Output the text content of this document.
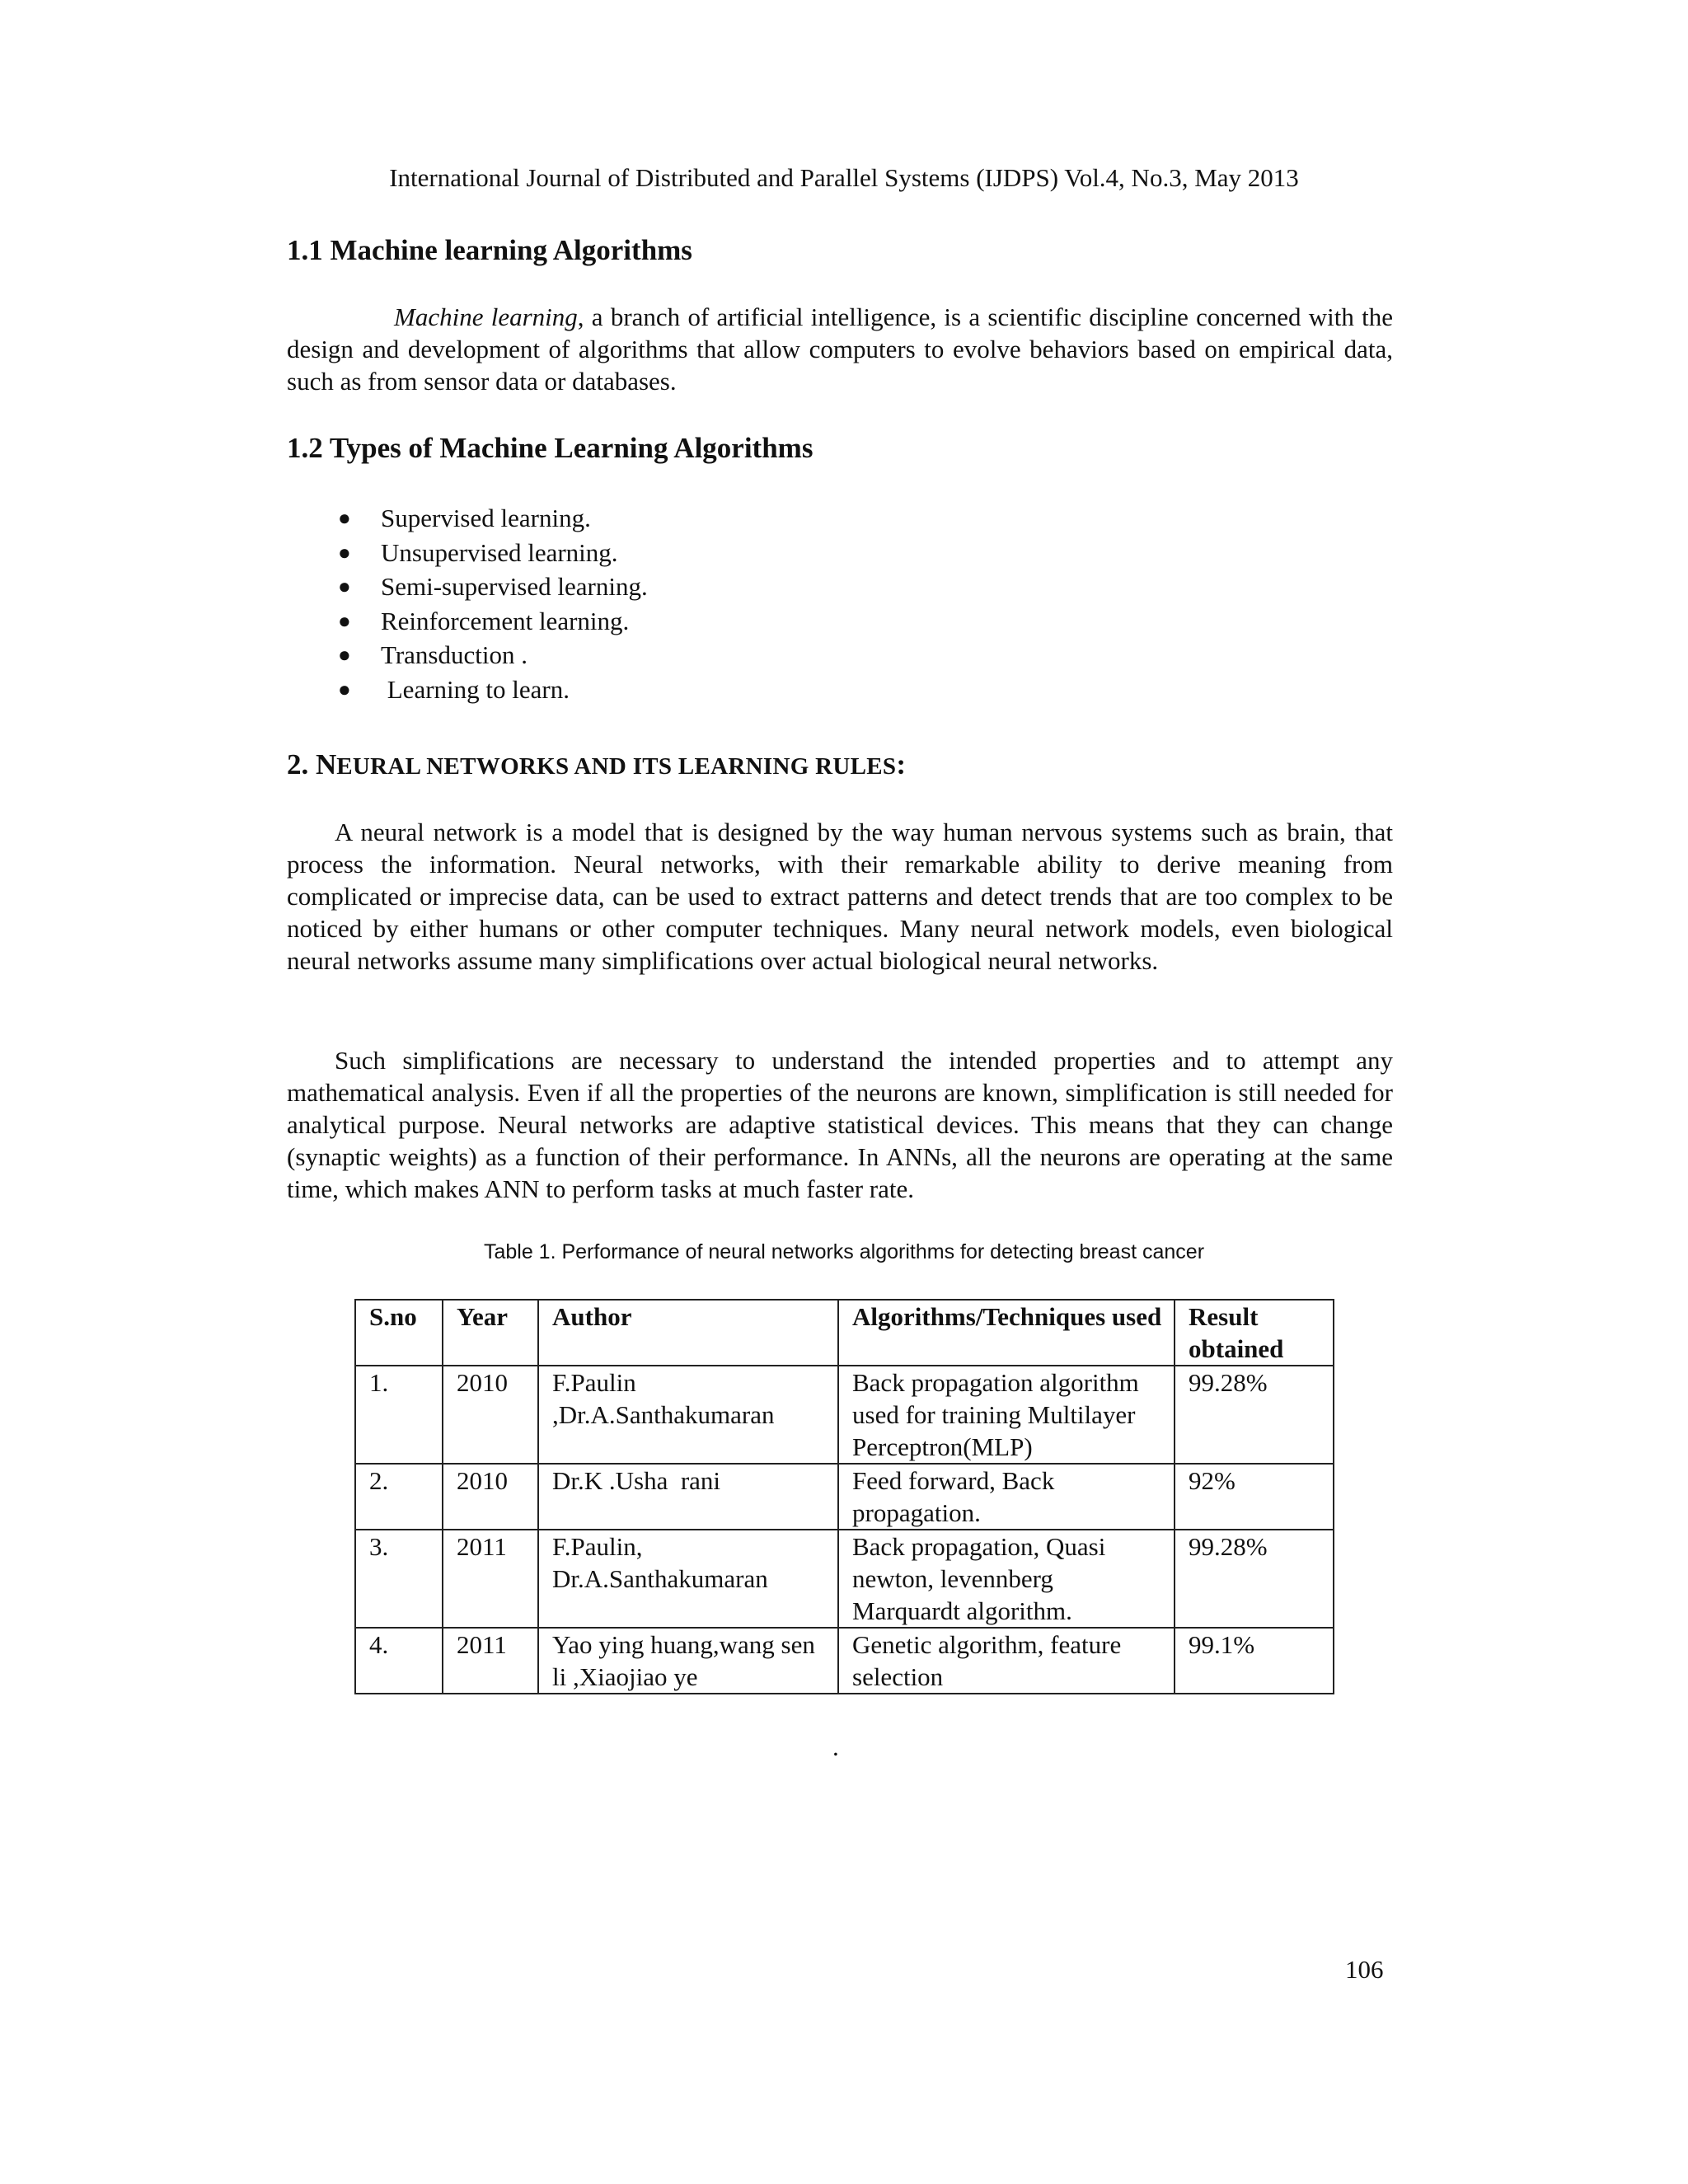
International Journal of Distributed and Parallel Systems (IJDPS) Vol.4, No.3, May 2013
1.1 Machine learning Algorithms

Machine learning, a branch of artificial intelligence, is a scientific discipline concerned with the design and development of algorithms that allow computers to evolve behaviors based on empirical data, such as from sensor data or databases.

1.2 Types of Machine Learning Algorithms
● Supervised learning.
● Unsupervised learning.
● Semi-supervised learning.
● Reinforcement learning.
● Transduction .
● Learning to learn.
2. NEURAL NETWORKS AND ITS LEARNING RULES:

A neural network is a model that is designed by the way human nervous systems such as brain, that process the information. Neural networks, with their remarkable ability to derive meaning from complicated or imprecise data, can be used to extract patterns and detect trends that are too complex to be noticed by either humans or other computer techniques. Many neural network models, even biological neural networks assume many simplifications over actual biological neural networks.

Such simplifications are necessary to understand the intended properties and to attempt any mathematical analysis. Even if all the properties of the neurons are known, simplification is still needed for analytical purpose. Neural networks are adaptive statistical devices. This means that they can change (synaptic weights) as a function of their performance. In ANNs, all the neurons are operating at the same time, which makes ANN to perform tasks at much faster rate.

Table 1. Performance of neural networks algorithms for detecting breast cancer
S.no	Year	Author	Algorithms/Techniques used	Result obtained
1.	2010	F.Paulin ,Dr.A.Santhakumaran	Back propagation algorithm used for training Multilayer Perceptron(MLP)	99.28%
2.	2010	Dr.K .Usha  rani	Feed forward, Back propagation.	92%
3.	2011	F.Paulin, Dr.A.Santhakumaran	Back propagation, Quasi newton, levennberg Marquardt algorithm.	99.28%
4.	2011	Yao ying huang,wang sen li ,Xiaojiao ye	Genetic algorithm, feature selection	99.1%
.
106
